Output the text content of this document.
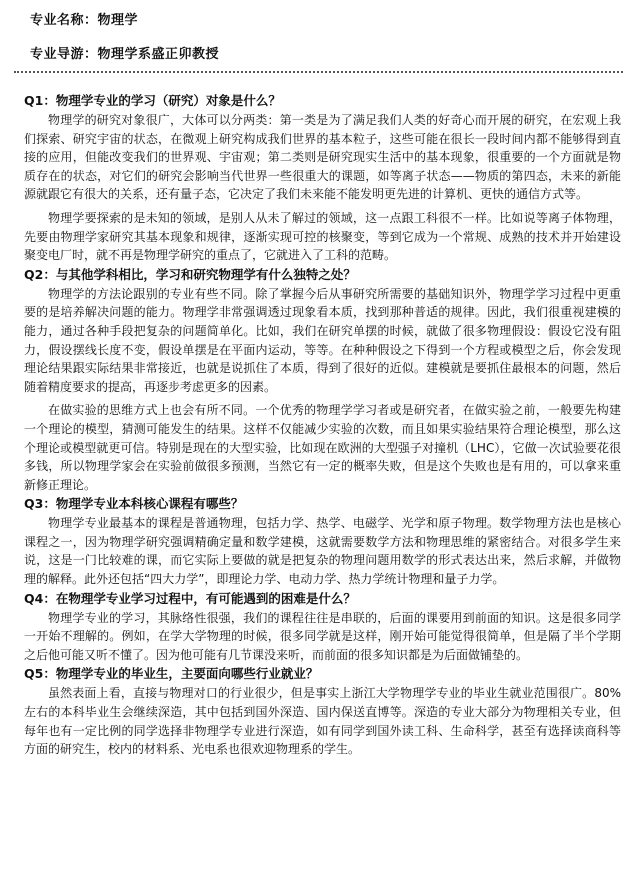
专业名称：物理学
专业导游：物理学系盛正卯教授
Q1：物理学专业的学习（研究）对象是什么？

物理学的研究对象很广，大体可以分两类：第一类是为了满足我们人类的好奇心而开展的研究，在宏观上我们探索、研究宇宙的状态，在微观上研究构成我们世界的基本粒子，这些可能在很长一段时间内都不能够得到直接的应用，但能改变我们的世界观、宇宙观；第二类则是研究现实生活中的基本现象，很重要的一个方面就是物质存在的状态，对它们的研究会影响当代世界一些很重大的课题，如等离子状态——物质的第四态，未来的新能源就跟它有很大的关系，还有量子态，它决定了我们未来能不能发明更先进的计算机、更快的通信方式等。

物理学要探索的是未知的领域，是别人从未了解过的领域，这一点跟工科很不一样。比如说等离子体物理，先要由物理学家研究其基本现象和规律，逐渐实现可控的核聚变，等到它成为一个常规、成熟的技术并开始建设聚变电厂时，就不再是物理学研究的重点了，它就进入了工科的范畴。

Q2：与其他学科相比，学习和研究物理学有什么独特之处？

物理学的方法论跟别的专业有些不同。除了掌握今后从事研究所需要的基础知识外，物理学学习过程中更重要的是培养解决问题的能力。物理学非常强调透过现象看本质，找到那种普适的规律。因此，我们很重视建模的能力，通过各种手段把复杂的问题简单化。比如，我们在研究单摆的时候，就做了很多物理假设：假设它没有阻力，假设摆线长度不变，假设单摆是在平面内运动，等等。在种种假设之下得到一个方程或模型之后，你会发现理论结果跟实际结果非常接近，也就是说抓住了本质，得到了很好的近似。建模就是要抓住最根本的问题，然后随着精度要求的提高，再逐步考虑更多的因素。

在做实验的思维方式上也会有所不同。一个优秀的物理学学习者或是研究者，在做实验之前，一般要先构建一个理论的模型，猜测可能发生的结果。这样不仅能减少实验的次数，而且如果实验结果符合理论模型，那么这个理论或模型就更可信。特别是现在的大型实验，比如现在欧洲的大型强子对撞机（LHC），它做一次试验要花很多钱，所以物理学家会在实验前做很多预测，当然它有一定的概率失败，但是这个失败也是有用的，可以拿来重新修正理论。

Q3：物理学专业本科核心课程有哪些？

物理学专业最基本的课程是普通物理，包括力学、热学、电磁学、光学和原子物理。数学物理方法也是核心课程之一，因为物理学研究强调精确定量和数学建模，这就需要数学方法和物理思维的紧密结合。对很多学生来说，这是一门比较难的课，而它实际上要做的就是把复杂的物理问题用数学的形式表达出来，然后求解，并做物理的解释。此外还包括“四大力学”，即理论力学、电动力学、热力学统计物理和量子力学。

Q4：在物理学专业学习过程中，有可能遇到的困难是什么？

物理学专业的学习，其脉络性很强，我们的课程往往是串联的，后面的课要用到前面的知识。这是很多同学一开始不理解的。例如，在学大学物理的时候，很多同学就是这样，刚开始可能觉得很简单，但是隔了半个学期之后他可能又听不懂了。因为他可能有几节课没来听，而前面的很多知识都是为后面做铺垫的。

Q5：物理学专业的毕业生，主要面向哪些行业就业？

虽然表面上看，直接与物理对口的行业很少，但是事实上浙江大学物理学专业的毕业生就业范围很广。80%左右的本科毕业生会继续深造，其中包括到国外深造、国内保送直博等。深造的专业大部分为物理相关专业，但每年也有一定比例的同学选择非物理学专业进行深造，如有同学到国外读工科、生命科学，甚至有选择读商科等方面的研究生，校内的材料系、光电系也很欢迎物理系的学生。
